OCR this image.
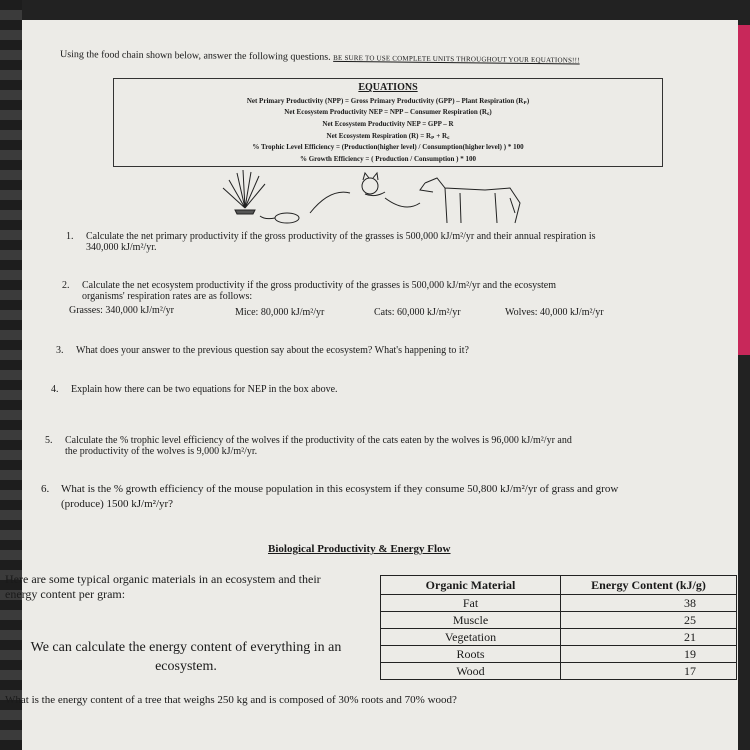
Using the food chain shown below, answer the following questions. BE SURE TO USE COMPLETE UNITS THROUGHOUT YOUR EQUATIONS!!!
EQUATIONS
Net Primary Productivity (NPP) = Gross Primary Productivity (GPP) – Plant Respiration (Rₚ)
Net Ecosystem Productivity NEP = NPP – Consumer Respiration (R꜀)
Net Ecosystem Productivity NEP = GPP – R
Net Ecosystem Respiration (R) = Rₚ + R꜀
% Trophic Level Efficiency = (Production(higher level) / Consumption(higher level) ) * 100
% Growth Efficiency = ( Production / Consumption ) * 100
1. Calculate the net primary productivity if the gross productivity of the grasses is 500,000 kJ/m²/yr and their annual respiration is
340,000 kJ/m²/yr.
2. Calculate the net ecosystem productivity if the gross productivity of the grasses is 500,000 kJ/m²/yr and the ecosystem
organisms' respiration rates are as follows:
Grasses: 340,000 kJ/m²/yr	Mice: 80,000 kJ/m²/yr	Cats: 60,000 kJ/m²/yr	Wolves: 40,000 kJ/m²/yr
3. What does your answer to the previous question say about the ecosystem? What's happening to it?
4. Explain how there can be two equations for NEP in the box above.
5. Calculate the % trophic level efficiency of the wolves if the productivity of the cats eaten by the wolves is 96,000 kJ/m²/yr and
the productivity of the wolves is 9,000 kJ/m²/yr.
6. What is the % growth efficiency of the mouse population in this ecosystem if they consume 50,800 kJ/m²/yr of grass and grow
(produce) 1500 kJ/m²/yr?
Biological Productivity & Energy Flow
Here are some typical organic materials in an ecosystem and their
energy content per gram:
We can calculate the energy content of everything in an
ecosystem.
Organic Material	Energy Content (kJ/g)
Fat	38
Muscle	25
Vegetation	21
Roots	19
Wood	17
What is the energy content of a tree that weighs 250 kg and is composed of 30% roots and 70% wood?
